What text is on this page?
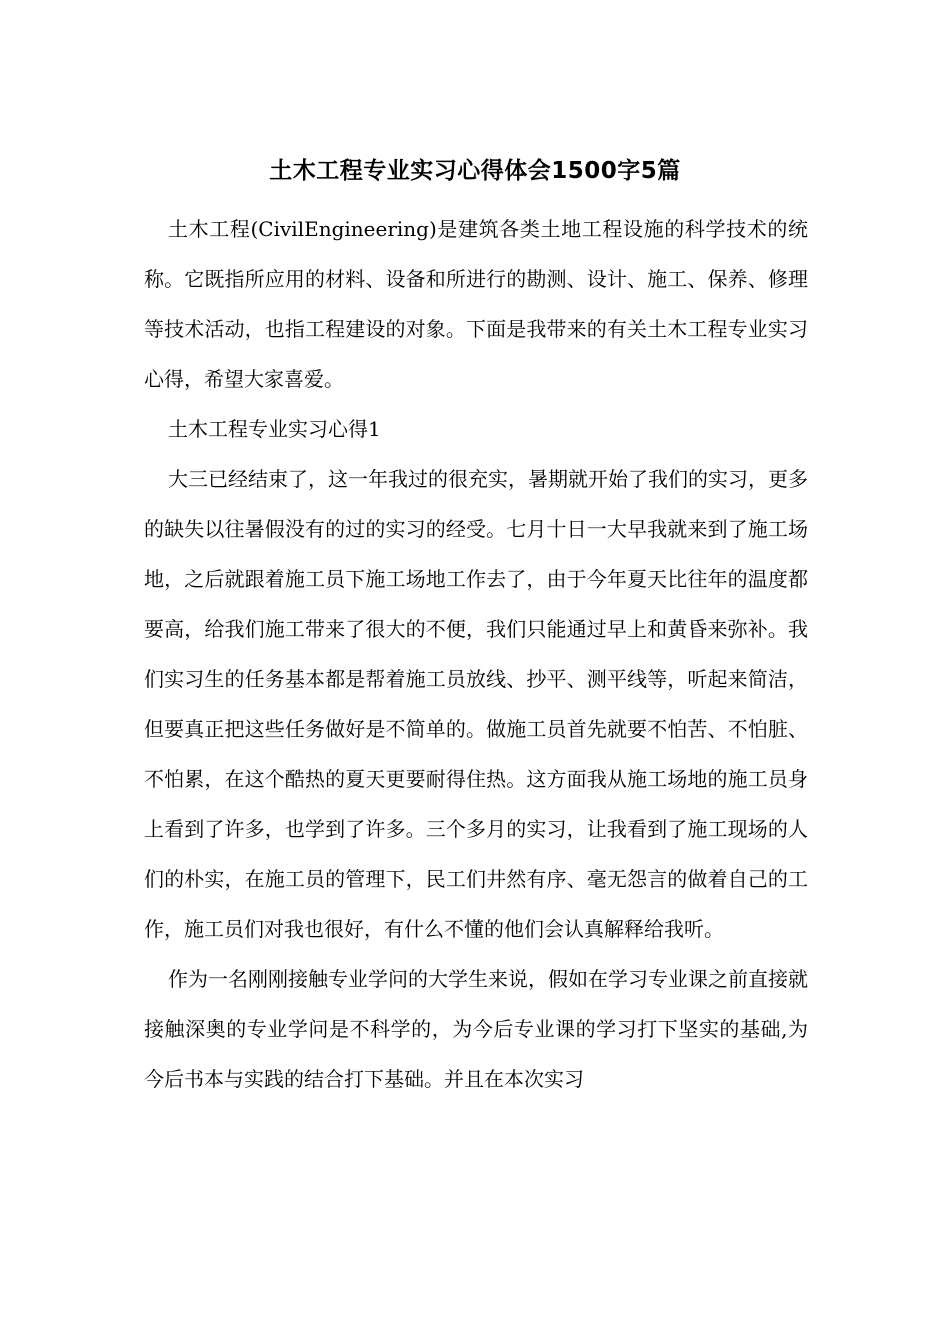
土木工程专业实习心得体会1500字5篇

土木工程(CivilEngineering)是建筑各类土地工程设施的科学技术的统称。它既指所应用的材料、设备和所进行的勘测、设计、施工、保养、修理等技术活动，也指工程建设的对象。下面是我带来的有关土木工程专业实习心得，希望大家喜爱。

土木工程专业实习心得1

大三已经结束了，这一年我过的很充实，暑期就开始了我们的实习，更多的缺失以往暑假没有的过的实习的经受。七月十日一大早我就来到了施工场地，之后就跟着施工员下施工场地工作去了，由于今年夏天比往年的温度都要高，给我们施工带来了很大的不便，我们只能通过早上和黄昏来弥补。我们实习生的任务基本都是帮着施工员放线、抄平、测平线等，听起来简洁，但要真正把这些任务做好是不简单的。做施工员首先就要不怕苦、不怕脏、不怕累，在这个酷热的夏天更要耐得住热。这方面我从施工场地的施工员身上看到了许多，也学到了许多。三个多月的实习，让我看到了施工现场的人们的朴实，在施工员的管理下，民工们井然有序、毫无怨言的做着自己的工作，施工员们对我也很好，有什么不懂的他们会认真解释给我听。

作为一名刚刚接触专业学问的大学生来说，假如在学习专业课之前直接就接触深奥的专业学问是不科学的，为今后专业课的学习打下坚实的基础,为今后书本与实践的结合打下基础。并且在本次实习
